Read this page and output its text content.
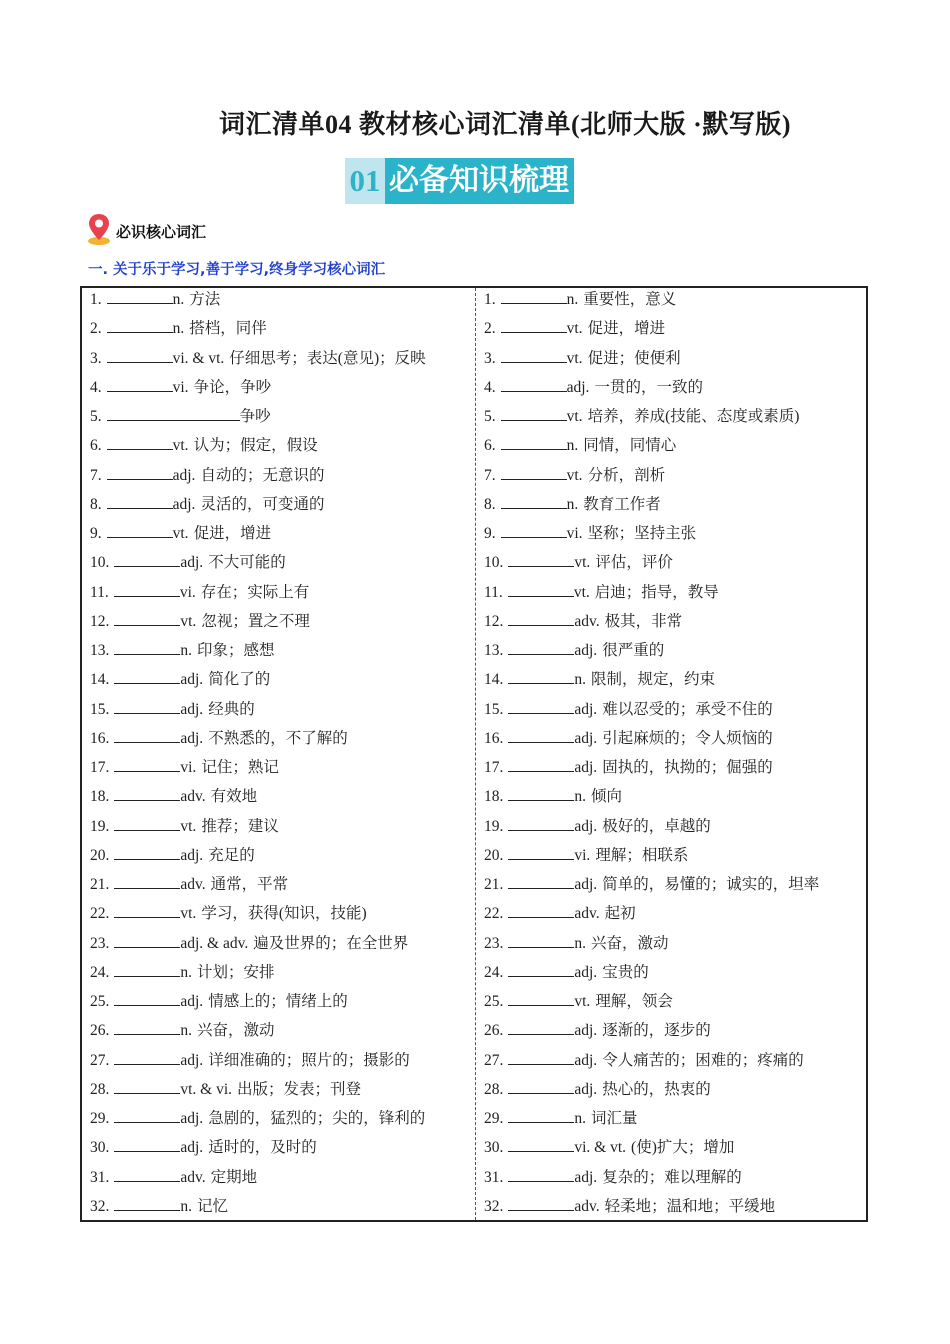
词汇清单04 教材核心词汇清单(北师大版 ·默写版)
01 必备知识梳理
必识核心词汇
一. 关于乐于学习,善于学习,终身学习核心词汇
1.	n. 方法
2.	n. 搭档，同伴
3.	vi. & vt. 仔细思考；表达(意见)；反映
4.	vi. 争论，争吵
5.	争吵
6.	vt. 认为；假定，假设
7.	adj. 自动的；无意识的
8.	adj. 灵活的，可变通的
9.	vt. 促进，增进
10.	adj. 不大可能的
11.	vi. 存在；实际上有
12.	vt. 忽视；置之不理
13.	n. 印象；感想
14.	adj. 简化了的
15.	adj. 经典的
16.	adj. 不熟悉的，不了解的
17.	vi. 记住；熟记
18.	adv. 有效地
19.	vt. 推荐；建议
20.	adj. 充足的
21.	adv. 通常，平常
22.	vt. 学习，获得(知识，技能)
23.	adj. & adv. 遍及世界的；在全世界
24.	n. 计划；安排
25.	adj. 情感上的；情绪上的
26.	n. 兴奋，激动
27.	adj. 详细准确的；照片的；摄影的
28.	vt. & vi. 出版；发表；刊登
29.	adj. 急剧的，猛烈的；尖的，锋利的
30.	adj. 适时的，及时的
31.	adv. 定期地
32.	n. 记忆
1.	n. 重要性，意义
2.	vt. 促进，增进
3.	vt. 促进；使便利
4.	adj. 一贯的，一致的
5.	vt. 培养，养成(技能、态度或素质)
6.	n. 同情，同情心
7.	vt. 分析，剖析
8.	n. 教育工作者
9.	vi. 坚称；坚持主张
10.	vt. 评估，评价
11.	vt. 启迪；指导，教导
12.	adv. 极其，非常
13.	adj. 很严重的
14.	n. 限制，规定，约束
15.	adj. 难以忍受的；承受不住的
16.	adj. 引起麻烦的；令人烦恼的
17.	adj. 固执的，执拗的；倔强的
18.	n. 倾向
19.	adj. 极好的，卓越的
20.	vi. 理解；相联系
21.	adj. 简单的，易懂的；诚实的，坦率
22.	adv. 起初
23.	n. 兴奋，激动
24.	adj. 宝贵的
25.	vt. 理解，领会
26.	adj. 逐渐的，逐步的
27.	adj. 令人痛苦的；困难的；疼痛的
28.	adj. 热心的，热衷的
29.	n. 词汇量
30.	vi. & vt. (使)扩大；增加
31.	adj. 复杂的；难以理解的
32.	adv. 轻柔地；温和地；平缓地
